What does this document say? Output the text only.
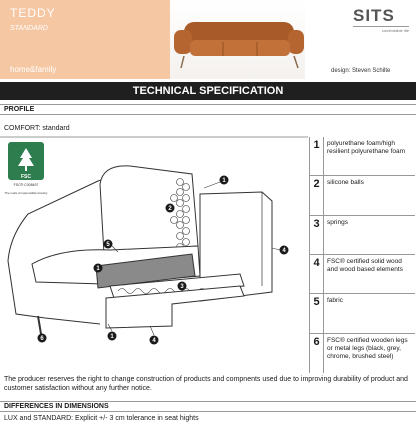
TEDDY
STANDARD
home&family
SITS
comfortable life
design: Steven Schilte
TECHNICAL SPECIFICATION
PROFILE
COMFORT: standard
FSC
FSC® C008497
The mark of responsible forestry
1
2
5
1
3
4
1
4
6
1	polyurethane foam/high resilient polyurethane foam
2	silicone balls
3	springs
4	FSC® certified solid wood and wood based elements
5	fabric
6	FSC® certified wooden legs or metal legs (black, grey, chrome, brushed steel)
The producer reserves the right to change construction of products and compnents used due to improving durability of product and customer satisfaction without any further notice.
DIFFERENCES IN DIMENSIONS
LUX and STANDARD: Explicit +/- 3 cm tolerance in seat hights
